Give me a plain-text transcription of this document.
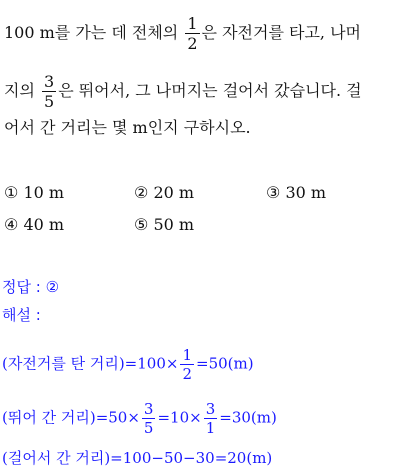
100 m를 가는 데 전체의 $\frac{1}{2}$ 은 자전거를 타고, 나머
지의 $\frac{3}{5}$ 은 뛰어서, 그 나머지는 걸어서 갔습니다. 걸
어서 간 거리는 몇 m인지 구하시오.
① 10 m	② 20 m	③ 30 m
④ 40 m	⑤ 50 m
정답 : ②
해설 :
(자전거를 탄 거리)$=100\times \frac{1}{2} =50(m)$
(뛰어 간 거리)$=50\times \frac{3}{5} =10\times \frac{3}{1} =30(m)$
(걸어서 간 거리)=100−50−30=20(m)
